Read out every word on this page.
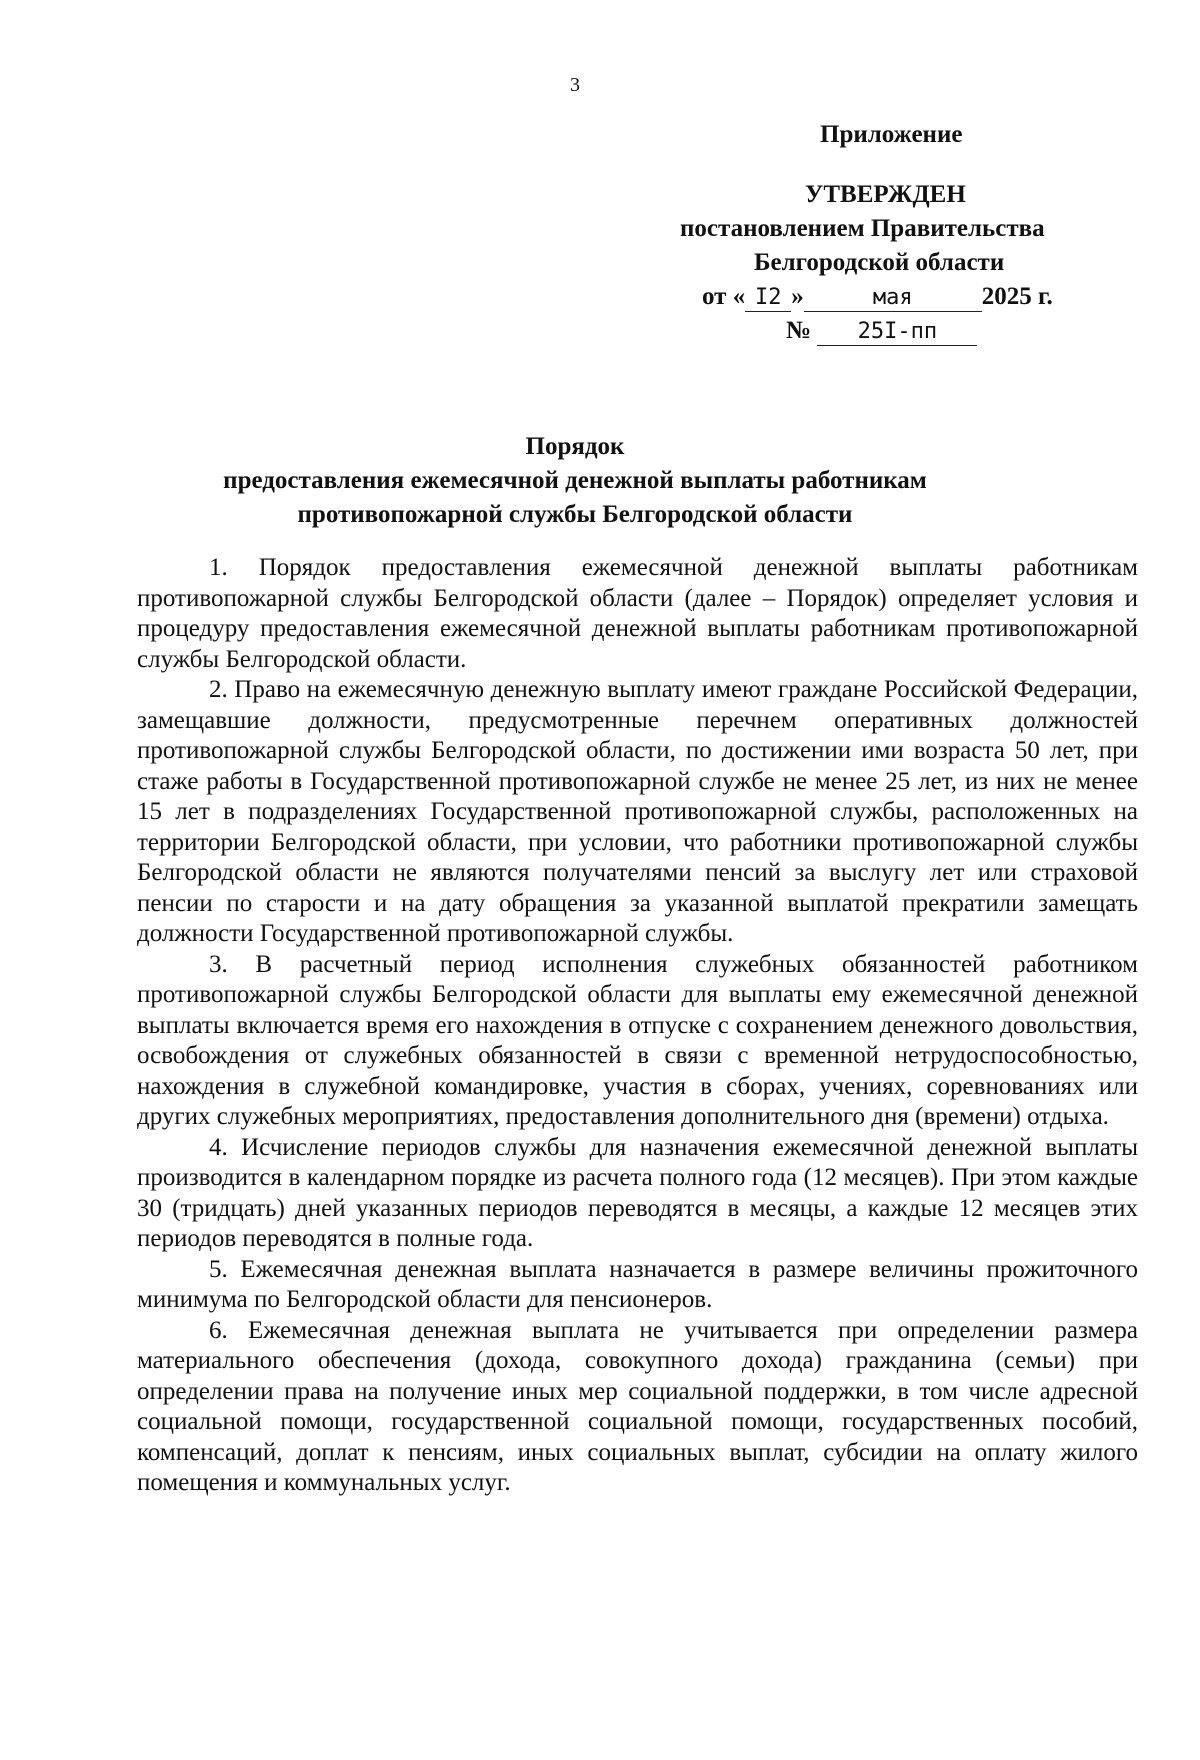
3
Приложение
УТВЕРЖДЕН
постановлением Правительства
Белгородской области
от « I2 »	мая	2025 г.
№ 25I-пп
Порядок
предоставления ежемесячной денежной выплаты работникам
противопожарной службы Белгородской области

1. Порядок предоставления ежемесячной денежной выплаты работникам противопожарной службы Белгородской области (далее – Порядок) определяет условия и процедуру предоставления ежемесячной денежной выплаты работникам противопожарной службы Белгородской области.

2. Право на ежемесячную денежную выплату имеют граждане Российской Федерации, замещавшие должности, предусмотренные перечнем оперативных должностей противопожарной службы Белгородской области, по достижении ими возраста 50 лет, при стаже работы в Государственной противопожарной службе не менее 25 лет, из них не менее 15 лет в подразделениях Государственной противопожарной службы, расположенных на территории Белгородской области, при условии, что работники противопожарной службы Белгородской области не являются получателями пенсий за выслугу лет или страховой пенсии по старости и на дату обращения за указанной выплатой прекратили замещать должности Государственной противопожарной службы.

3. В расчетный период исполнения служебных обязанностей работником противопожарной службы Белгородской области для выплаты ему ежемесячной денежной выплаты включается время его нахождения в отпуске с сохранением денежного довольствия, освобождения от служебных обязанностей в связи с временной нетрудоспособностью, нахождения в служебной командировке, участия в сборах, учениях, соревнованиях или других служебных мероприятиях, предоставления дополнительного дня (времени) отдыха.

4. Исчисление периодов службы для назначения ежемесячной денежной выплаты производится в календарном порядке из расчета полного года (12 месяцев). При этом каждые 30 (тридцать) дней указанных периодов переводятся в месяцы, а каждые 12 месяцев этих периодов переводятся в полные года.

5. Ежемесячная денежная выплата назначается в размере величины прожиточного минимума по Белгородской области для пенсионеров.

6. Ежемесячная денежная выплата не учитывается при определении размера материального обеспечения (дохода, совокупного дохода) гражданина (семьи) при определении права на получение иных мер социальной поддержки, в том числе адресной социальной помощи, государственной социальной помощи, государственных пособий, компенсаций, доплат к пенсиям, иных социальных выплат, субсидии на оплату жилого помещения и коммунальных услуг.
